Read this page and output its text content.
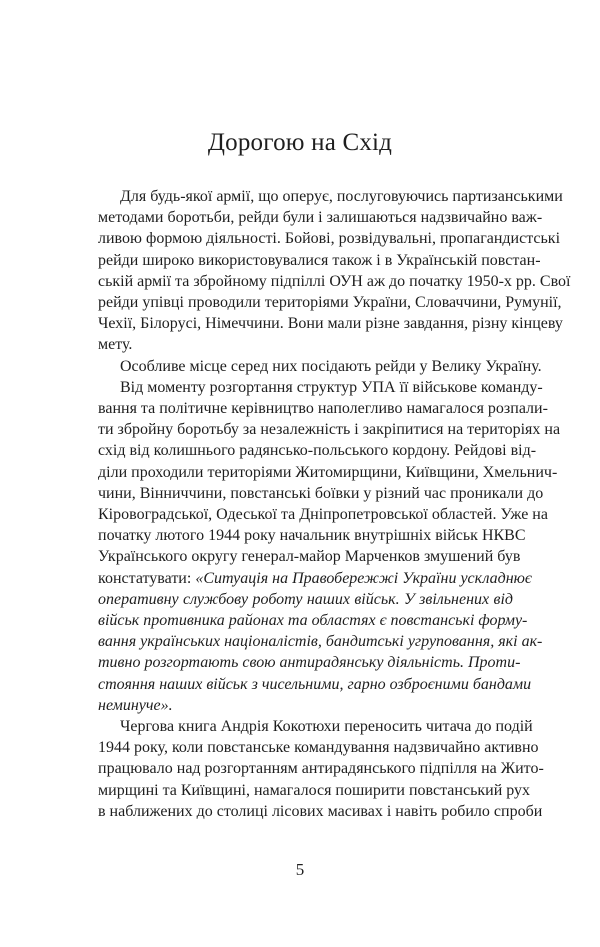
Дорогою на Схід
Для будь-якої армії, що оперує, послуговуючись партизанськими
методами боротьби, рейди були і залишаються надзвичайно важ-
ливою формою діяльності. Бойові, розвідувальні, пропагандистські
рейди широко використовувалися також і в Українській повстан-
ській армії та збройному підпіллі ОУН аж до початку 1950-х рр. Свої
рейди упівці проводили територіями України, Словаччини, Румунії,
Чехії, Білорусі, Німеччини. Вони мали різне завдання, різну кінцеву
мету.
Особливе місце серед них посідають рейди у Велику Україну.
Від моменту розгортання структур УПА її військове команду-
вання та політичне керівництво наполегливо намагалося розпали-
ти збройну боротьбу за незалежність і закріпитися на територіях на
схід від колишнього радянсько-польського кордону. Рейдові від-
діли проходили територіями Житомирщини, Київщини, Хмельнич-
чини, Вінниччини, повстанські боївки у різний час проникали до
Кіровоградської, Одеської та Дніпропетровської областей. Уже на
початку лютого 1944 року начальник внутрішніх військ НКВС
Українського округу генерал-майор Марченков змушений був
констатувати: «Ситуація на Правобережжі України ускладнює
оперативну службову роботу наших військ. У звільнених від
військ противника районах та областях є повстанські форму-
вання українських націоналістів, бандитські угруповання, які ак-
тивно розгортають свою антирадянську діяльність. Проти-
стояння наших військ з чисельними, гарно озброєними бандами
неминуче».
Чергова книга Андрія Кокотюхи переносить читача до подій
1944 року, коли повстанське командування надзвичайно активно
працювало над розгортанням антирадянського підпілля на Жито-
мирщині та Київщині, намагалося поширити повстанський рух
в наближених до столиці лісових масивах і навіть робило спроби
5
